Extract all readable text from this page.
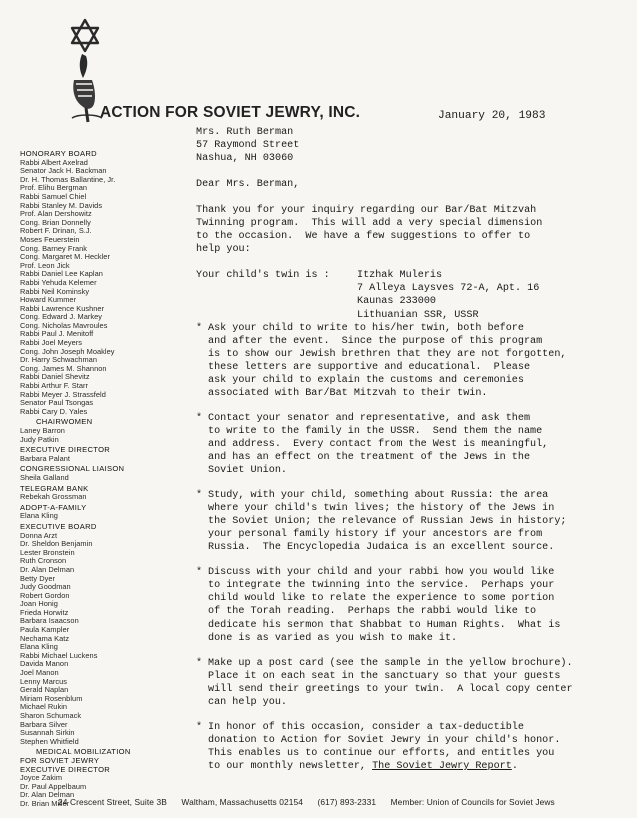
ACTION FOR SOVIET JEWRY, INC.	January 20, 1983
HONORARY BOARD
Rabbi Albert Axelrad
Senator Jack H. Backman
Dr. H. Thomas Ballantine, Jr.
Prof. Elihu Bergman
Rabbi Samuel Chiel
Rabbi Stanley M. Davids
Prof. Alan Dershowitz
Cong. Brian Donnelly
Robert F. Drinan, S.J.
Moses Feuerstein
Cong. Barney Frank
Cong. Margaret M. Heckler
Prof. Leon Jick
Rabbi Daniel Lee Kaplan
Rabbi Yehuda Kelemer
Rabbi Neil Kominsky
Howard Kummer
Rabbi Lawrence Kushner
Cong. Edward J. Markey
Cong. Nicholas Mavroules
Rabbi Paul J. Menitoff
Rabbi Joel Meyers
Cong. John Joseph Moakley
Dr. Harry Schwachman
Cong. James M. Shannon
Rabbi Daniel Shevitz
Rabbi Arthur F. Starr
Rabbi Meyer J. Strassfeld
Senator Paul Tsongas
Rabbi Cary D. Yales
CHAIRWOMEN
Laney Barron
Judy Patkin
EXECUTIVE DIRECTOR
Barbara Palant
CONGRESSIONAL LIAISON
Sheila Galland
TELEGRAM BANK
Rebekah Grossman
ADOPT-A-FAMILY
Elana Kling
EXECUTIVE BOARD
Donna Arzt
Dr. Sheldon Benjamin
Lester Bronstein
Ruth Cronson
Dr. Alan Delman
Betty Dyer
Judy Goodman
Robert Gordon
Joan Honig
Frieda Horwitz
Barbara Isaacson
Paula Kampler
Nechama Katz
Elana Kling
Rabbi Michael Luckens
Davida Manon
Joel Manon
Lenny Marcus
Gerald Naplan
Miriam Rosenblum
Michael Rukin
Sharon Schumack
Barbara Silver
Susannah Sirkin
Stephen Whitfield
MEDICAL MOBILIZATION
FOR SOVIET JEWRY
EXECUTIVE DIRECTOR
Joyce Zakim
Dr. Paul Appelbaum
Dr. Alan Delman
Dr. Brian Miller
Mrs. Ruth Berman
57 Raymond Street
Nashua, NH 03060
Dear Mrs. Berman,
Thank you for your inquiry regarding our Bar/Bat Mitzvah
Twinning program.  This will add a very special dimension
to the occasion.  We have a few suggestions to offer to
help you:
Your child's twin is :	Itzhak Muleris
7 Alleya Laysves 72-A, Apt. 16
Kaunas 233000
Lithuanian SSR, USSR
* Ask your child to write to his/her twin, both before
and after the event.  Since the purpose of this program
is to show our Jewish brethren that they are not forgotten,
these letters are supportive and educational.  Please
ask your child to explain the customs and ceremonies
associated with Bar/Bat Mitzvah to their twin.
* Contact your senator and representative, and ask them
to write to the family in the USSR.  Send them the name
and address.  Every contact from the West is meaningful,
and has an effect on the treatment of the Jews in the
Soviet Union.
* Study, with your child, something about Russia: the area
where your child's twin lives; the history of the Jews in
the Soviet Union; the relevance of Russian Jews in history;
your personal family history if your ancestors are from
Russia.  The Encyclopedia Judaica is an excellent source.
* Discuss with your child and your rabbi how you would like
to integrate the twinning into the service.  Perhaps your
child would like to relate the experience to some portion
of the Torah reading.  Perhaps the rabbi would like to
dedicate his sermon that Shabbat to Human Rights.  What is
done is as varied as you wish to make it.
* Make up a post card (see the sample in the yellow brochure).
Place it on each seat in the sanctuary so that your guests
will send their greetings to your twin.  A local copy center
can help you.
* In honor of this occasion, consider a tax-deductible
donation to Action for Soviet Jewry in your child's honor.
This enables us to continue our efforts, and entitles you
to our monthly newsletter, The Soviet Jewry Report.
24 Crescent Street, Suite 3B Waltham, Massachusetts 02154 (617) 893-2331 Member: Union of Councils for Soviet Jews
